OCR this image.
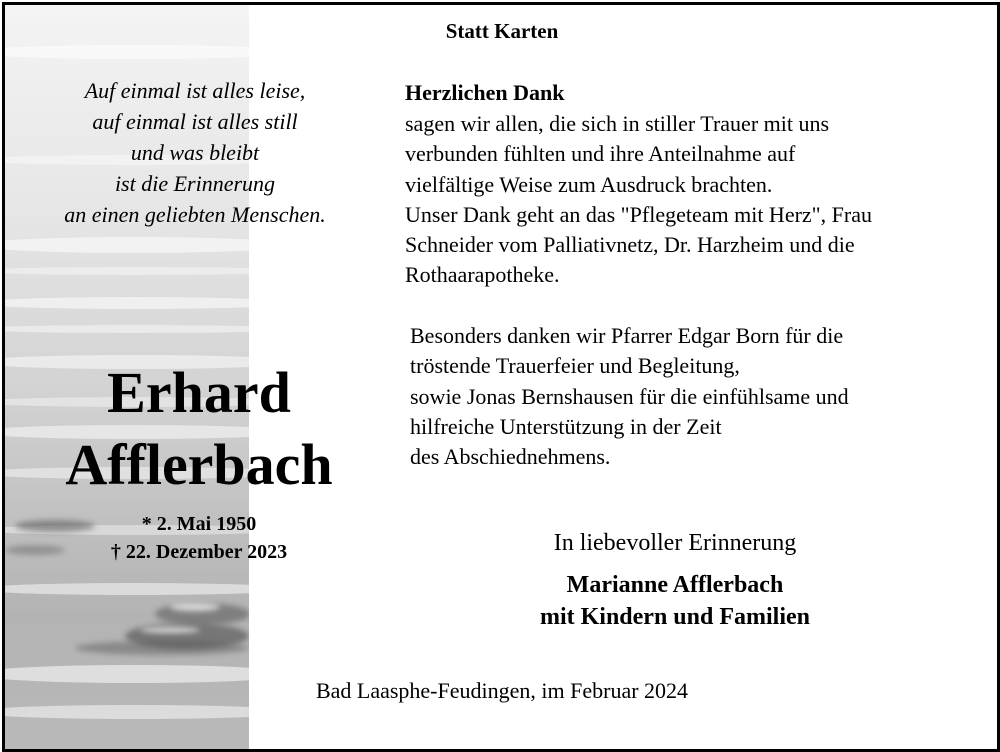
Statt Karten
Auf einmal ist alles leise,
auf einmal ist alles still
und was bleibt
ist die Erinnerung
an einen geliebten Menschen.
Erhard
Afflerbach
* 2. Mai 1950
† 22. Dezember 2023
Herzlichen Dank
sagen wir allen, die sich in stiller Trauer mit uns
verbunden fühlten und ihre Anteilnahme auf
vielfältige Weise zum Ausdruck brachten.
Unser Dank geht an das "Pflegeteam mit Herz", Frau
Schneider vom Palliativnetz, Dr. Harzheim und die
Rothaarapotheke.
Besonders danken wir Pfarrer Edgar Born für die
tröstende Trauerfeier und Begleitung,
sowie Jonas Bernshausen für die einfühlsame und
hilfreiche Unterstützung in der Zeit
des Abschiednehmens.
In liebevoller Erinnerung
Marianne Afflerbach
mit Kindern und Familien
Bad Laasphe-Feudingen, im Februar 2024
